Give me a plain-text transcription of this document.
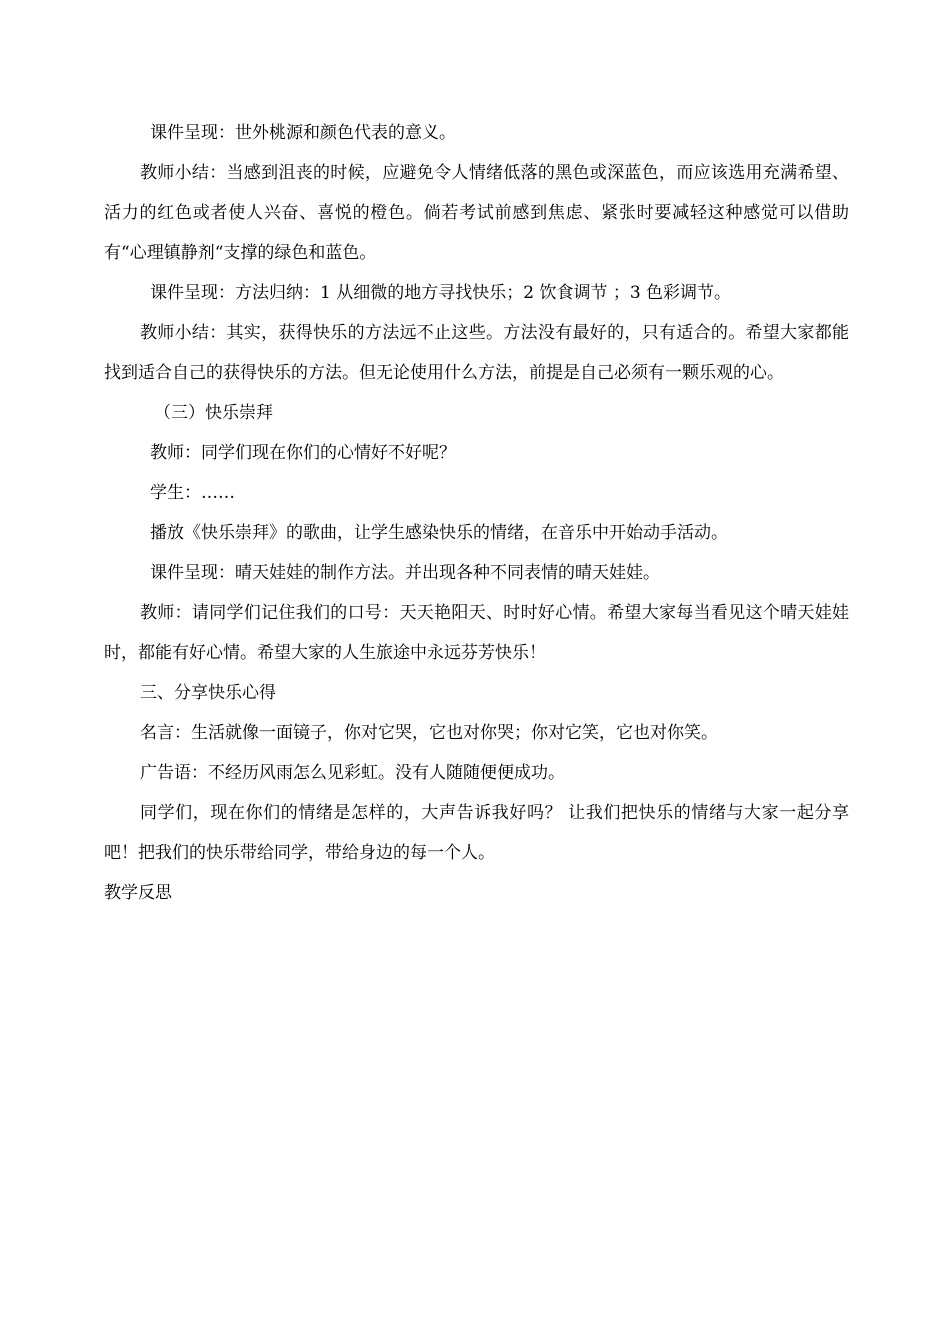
课件呈现：世外桃源和颜色代表的意义。

教师小结：当感到沮丧的时候，应避免令人情绪低落的黑色或深蓝色，而应该选用充满希望、活力的红色或者使人兴奋、喜悦的橙色。倘若考试前感到焦虑、紧张时要减轻这种感觉可以借助有“心理镇静剂“支撑的绿色和蓝色。

课件呈现：方法归纳：1 从细微的地方寻找快乐；2 饮食调节 ；3 色彩调节。

教师小结：其实，获得快乐的方法远不止这些。方法没有最好的，只有适合的。希望大家都能找到适合自己的获得快乐的方法。但无论使用什么方法，前提是自己必须有一颗乐观的心。

（三）快乐崇拜

教师：同学们现在你们的心情好不好呢？

学生：……

播放《快乐崇拜》的歌曲，让学生感染快乐的情绪，在音乐中开始动手活动。

课件呈现：晴天娃娃的制作方法。并出现各种不同表情的晴天娃娃。

教师：请同学们记住我们的口号：天天艳阳天、时时好心情。希望大家每当看见这个晴天娃娃时，都能有好心情。希望大家的人生旅途中永远芬芳快乐！

三、分享快乐心得

名言：生活就像一面镜子，你对它哭，它也对你哭；你对它笑，它也对你笑。

广告语：不经历风雨怎么见彩虹。没有人随随便便成功。

同学们，现在你们的情绪是怎样的，大声告诉我好吗？ 让我们把快乐的情绪与大家一起分享吧！把我们的快乐带给同学，带给身边的每一个人。

教学反思
